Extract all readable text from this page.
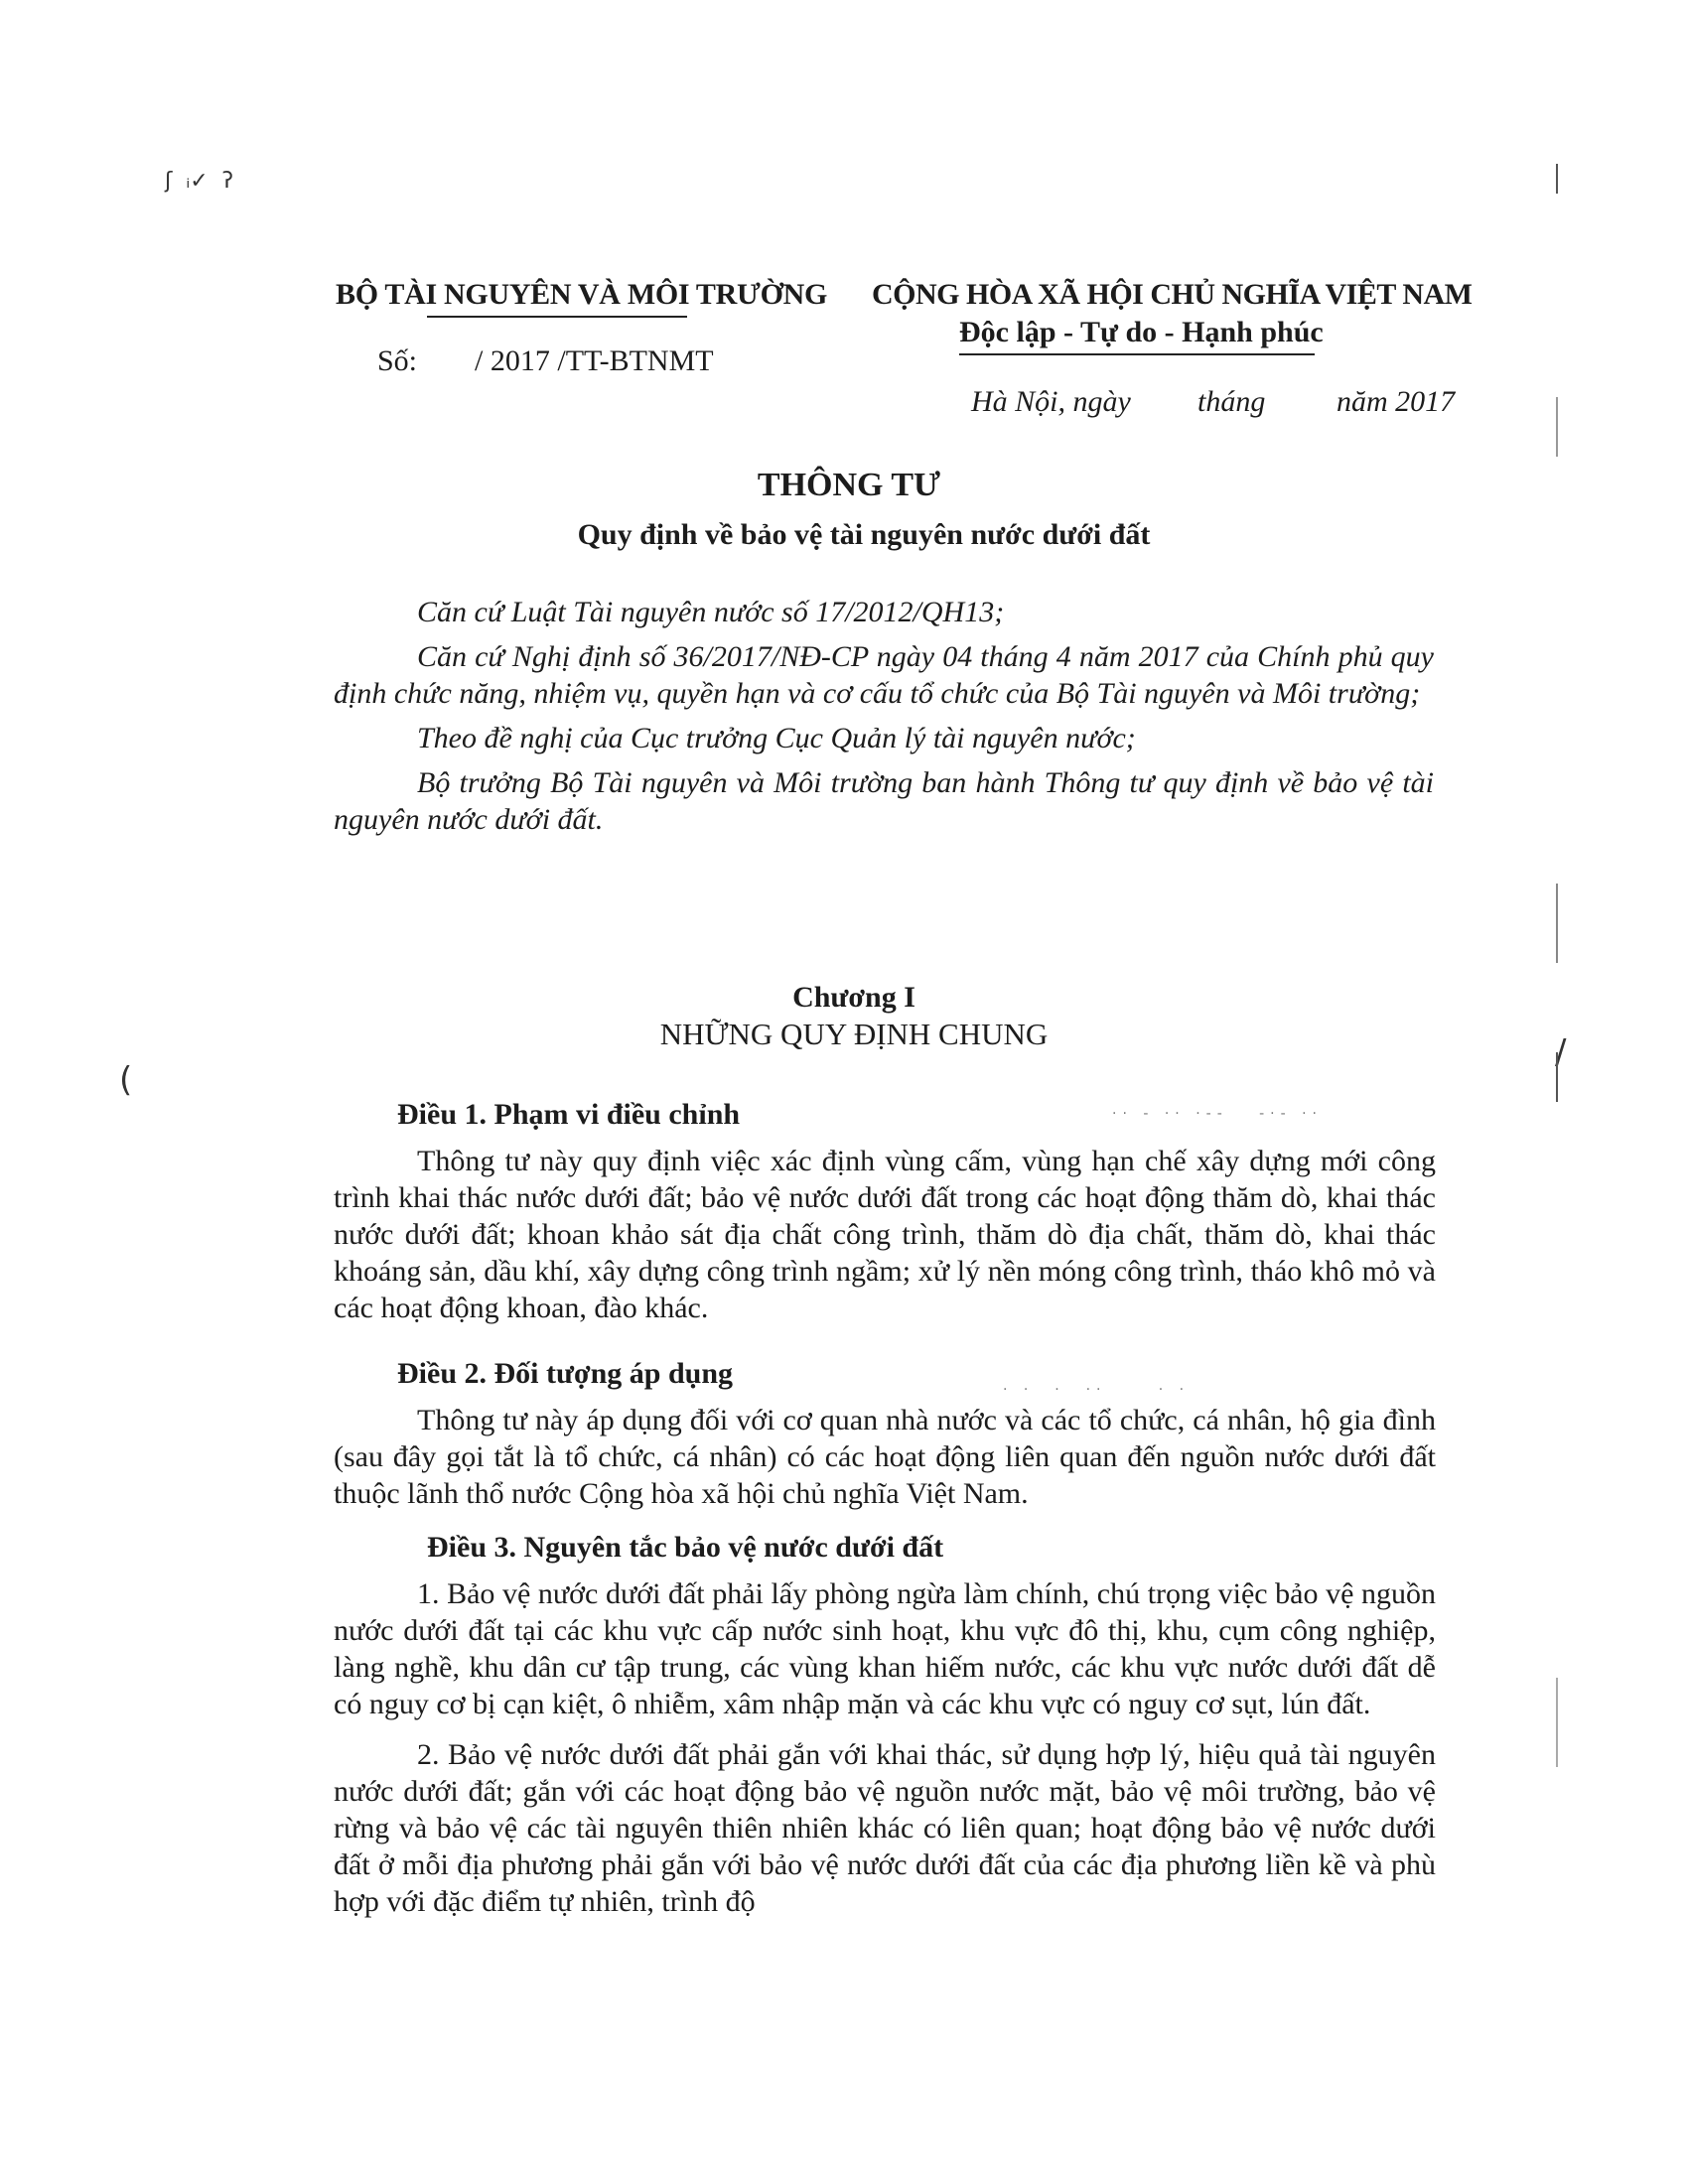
ʃ  ᵢ✓  ʔ
(
/
·· ‐ ·· ·‐‐   ‐·‐ ··
· ·  ·  ··     · ·
BỘ TÀI NGUYÊN VÀ MÔI TRƯỜNG
Số: / 2017 /TT-BTNMT
CỘNG HÒA XÃ HỘI CHỦ NGHĨA VIỆT NAM
Độc lập - Tự do - Hạnh phúc
Hà Nội, ngày tháng năm 2017
THÔNG TƯ
Quy định về bảo vệ tài nguyên nước dưới đất

Căn cứ Luật Tài nguyên nước số 17/2012/QH13;

Căn cứ Nghị định số 36/2017/NĐ-CP ngày 04 tháng 4 năm 2017 của Chính phủ quy định chức năng, nhiệm vụ, quyền hạn và cơ cấu tổ chức của Bộ Tài nguyên và Môi trường;

Theo đề nghị của Cục trưởng Cục Quản lý tài nguyên nước;

Bộ trưởng Bộ Tài nguyên và Môi trường ban hành Thông tư quy định về bảo vệ tài nguyên nước dưới đất.

Chương I
NHỮNG QUY ĐỊNH CHUNG
Điều 1. Phạm vi điều chỉnh

Thông tư này quy định việc xác định vùng cấm, vùng hạn chế xây dựng mới công trình khai thác nước dưới đất; bảo vệ nước dưới đất trong các hoạt động thăm dò, khai thác nước dưới đất; khoan khảo sát địa chất công trình, thăm dò địa chất, thăm dò, khai thác khoáng sản, dầu khí, xây dựng công trình ngầm; xử lý nền móng công trình, tháo khô mỏ và các hoạt động khoan, đào khác.

Điều 2. Đối tượng áp dụng

Thông tư này áp dụng đối với cơ quan nhà nước và các tổ chức, cá nhân, hộ gia đình (sau đây gọi tắt là tổ chức, cá nhân) có các hoạt động liên quan đến nguồn nước dưới đất thuộc lãnh thổ nước Cộng hòa xã hội chủ nghĩa Việt Nam.

Điều 3. Nguyên tắc bảo vệ nước dưới đất

1. Bảo vệ nước dưới đất phải lấy phòng ngừa làm chính, chú trọng việc bảo vệ nguồn nước dưới đất tại các khu vực cấp nước sinh hoạt, khu vực đô thị, khu, cụm công nghiệp, làng nghề, khu dân cư tập trung, các vùng khan hiếm nước, các khu vực nước dưới đất dễ có nguy cơ bị cạn kiệt, ô nhiễm, xâm nhập mặn và các khu vực có nguy cơ sụt, lún đất.

2. Bảo vệ nước dưới đất phải gắn với khai thác, sử dụng hợp lý, hiệu quả tài nguyên nước dưới đất; gắn với các hoạt động bảo vệ nguồn nước mặt, bảo vệ môi trường, bảo vệ rừng và bảo vệ các tài nguyên thiên nhiên khác có liên quan; hoạt động bảo vệ nước dưới đất ở mỗi địa phương phải gắn với bảo vệ nước dưới đất của các địa phương liền kề và phù hợp với đặc điểm tự nhiên, trình độ
